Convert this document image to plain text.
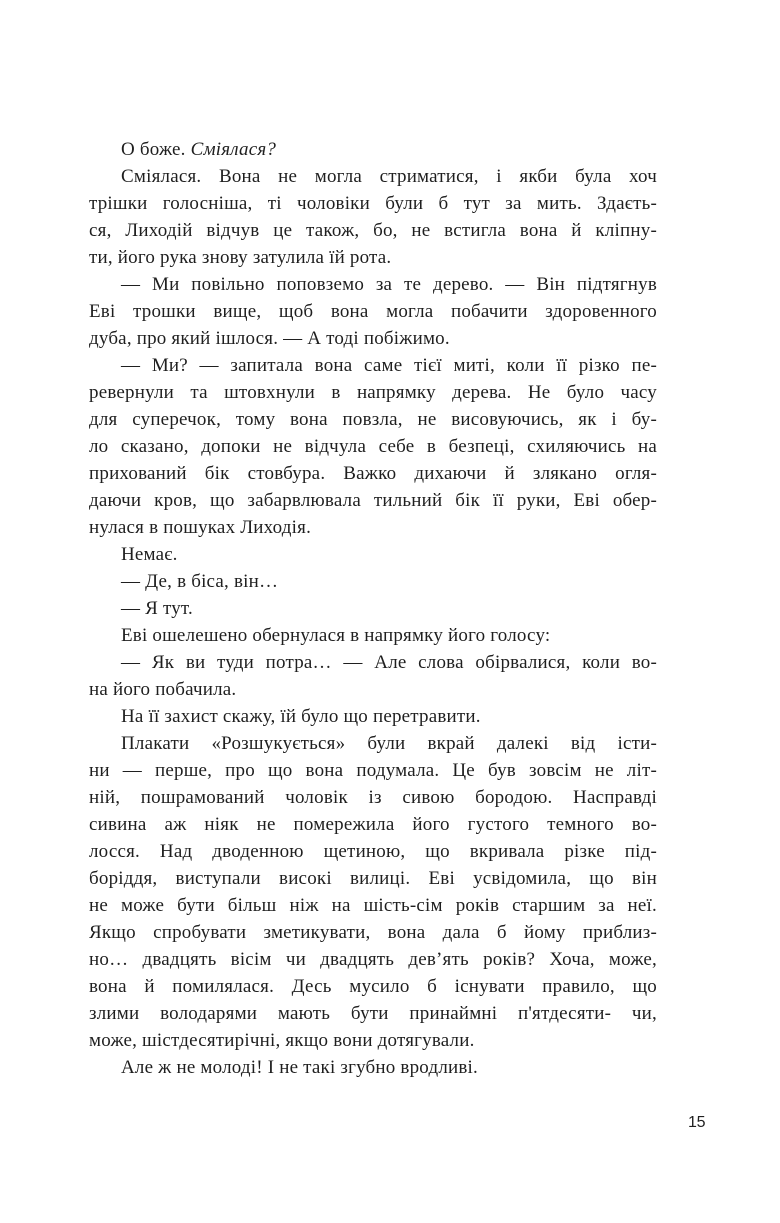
О боже. Сміялася?
Сміялася. Вона не могла стриматися, і якби була хоч
трішки голосніша, ті чоловіки були б тут за мить. Здаєть-
ся, Лиходій відчув це також, бо, не встигла вона й кліпну-
ти, його рука знову затулила їй рота.
— Ми повільно поповземо за те дерево. — Він підтягнув
Еві трошки вище, щоб вона могла побачити здоровенного
дуба, про який ішлося. — А тоді побіжимо.
— Ми? — запитала вона саме тієї миті, коли її різко пе-
ревернули та штовхнули в напрямку дерева. Не було часу
для суперечок, тому вона повзла, не висовуючись, як і бу-
ло сказано, допоки не відчула себе в безпеці, схиляючись на
прихований бік стовбура. Важко дихаючи й злякано огля-
даючи кров, що забарвлювала тильний бік її руки, Еві обер-
нулася в пошуках Лиходія.
Немає.
— Де, в біса, він…
— Я тут.
Еві ошелешено обернулася в напрямку його голосу:
— Як ви туди потра… — Але слова обірвалися, коли во-
на його побачила.
На її захист скажу, їй було що перетравити.
Плакати «Розшукується» були вкрай далекі від істи-
ни — перше, про що вона подумала. Це був зовсім не літ-
ній, пошрамований чоловік із сивою бородою. Насправді
сивина аж ніяк не помережила його густого темного во-
лосся. Над дводенною щетиною, що вкривала різке під-
боріддя, виступали високі вилиці. Еві усвідомила, що він
не може бути більш ніж на шість-сім років старшим за неї.
Якщо спробувати зметикувати, вона дала б йому приблиз-
но… двадцять вісім чи двадцять дев’ять років? Хоча, може,
вона й помилялася. Десь мусило б існувати правило, що
злими володарями мають бути принаймні п'ятдесяти- чи,
може, шістдесятирічні, якщо вони дотягували.
Але ж не молоді! І не такі згубно вродливі.
15
